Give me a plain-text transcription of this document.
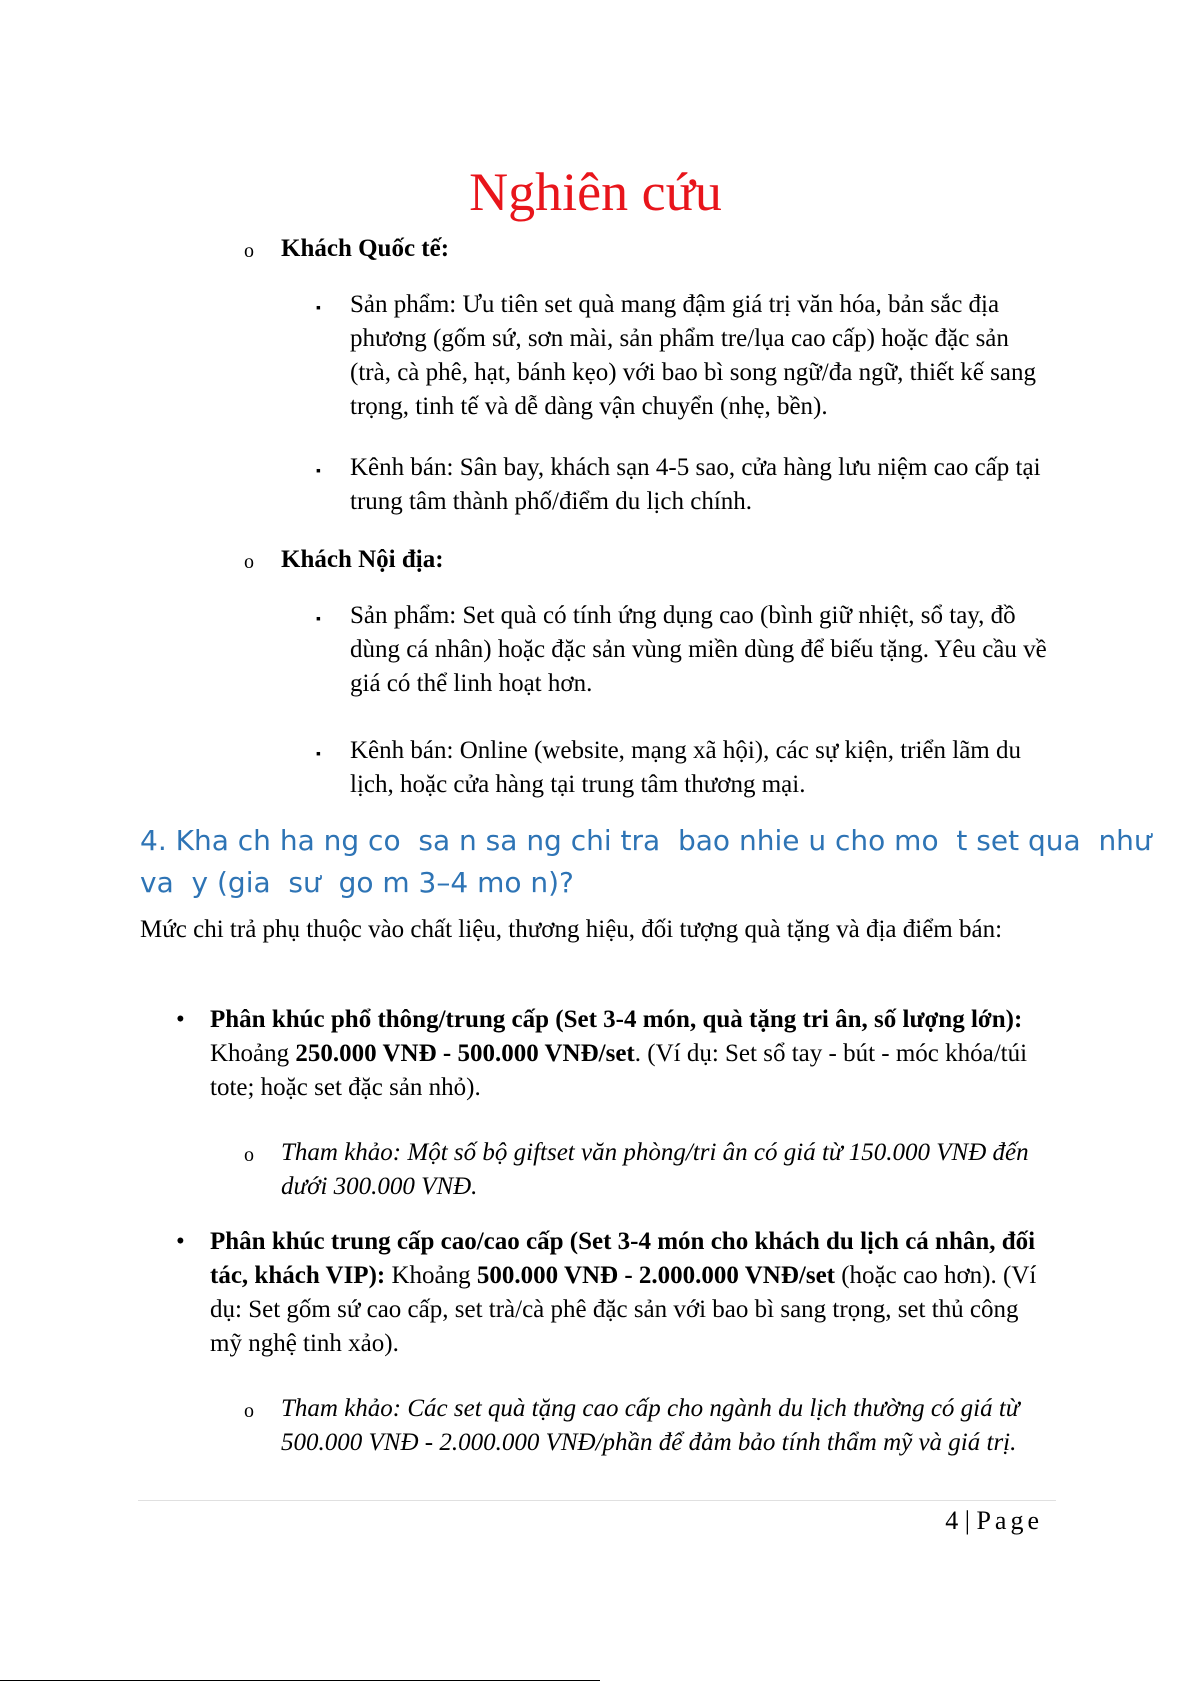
Nghiên cứu
o Khách Quốc tế:
▪ Sản phẩm: Ưu tiên set quà mang đậm giá trị văn hóa, bản sắc địa phương (gốm sứ, sơn mài, sản phẩm tre/lụa cao cấp) hoặc đặc sản (trà, cà phê, hạt, bánh kẹo) với bao bì song ngữ/đa ngữ, thiết kế sang trọng, tinh tế và dễ dàng vận chuyển (nhẹ, bền).
▪ Kênh bán: Sân bay, khách sạn 4-5 sao, cửa hàng lưu niệm cao cấp tại trung tâm thành phố/điểm du lịch chính.
o Khách Nội địa:
▪ Sản phẩm: Set quà có tính ứng dụng cao (bình giữ nhiệt, sổ tay, đồ dùng cá nhân) hoặc đặc sản vùng miền dùng để biếu tặng. Yêu cầu về giá có thể linh hoạt hơn.
▪ Kênh bán: Online (website, mạng xã hội), các sự kiện, triển lãm du lịch, hoặc cửa hàng tại trung tâm thương mại.
4. Kha ch ha ng co  sa n sa ng chi tra  bao nhie u cho mo  t set qua  như va  y (gia  sư  go m 3–4 mo n)?
Mức chi trả phụ thuộc vào chất liệu, thương hiệu, đối tượng quà tặng và địa điểm bán:
• Phân khúc phổ thông/trung cấp (Set 3-4 món, quà tặng tri ân, số lượng lớn): Khoảng 250.000 VNĐ - 500.000 VNĐ/set. (Ví dụ: Set sổ tay - bút - móc khóa/túi tote; hoặc set đặc sản nhỏ).
o Tham khảo: Một số bộ giftset văn phòng/tri ân có giá từ 150.000 VNĐ đến dưới 300.000 VNĐ.
• Phân khúc trung cấp cao/cao cấp (Set 3-4 món cho khách du lịch cá nhân, đối tác, khách VIP): Khoảng 500.000 VNĐ - 2.000.000 VNĐ/set (hoặc cao hơn). (Ví dụ: Set gốm sứ cao cấp, set trà/cà phê đặc sản với bao bì sang trọng, set thủ công mỹ nghệ tinh xảo).
o Tham khảo: Các set quà tặng cao cấp cho ngành du lịch thường có giá từ 500.000 VNĐ - 2.000.000 VNĐ/phần để đảm bảo tính thẩm mỹ và giá trị.
4 | Page
